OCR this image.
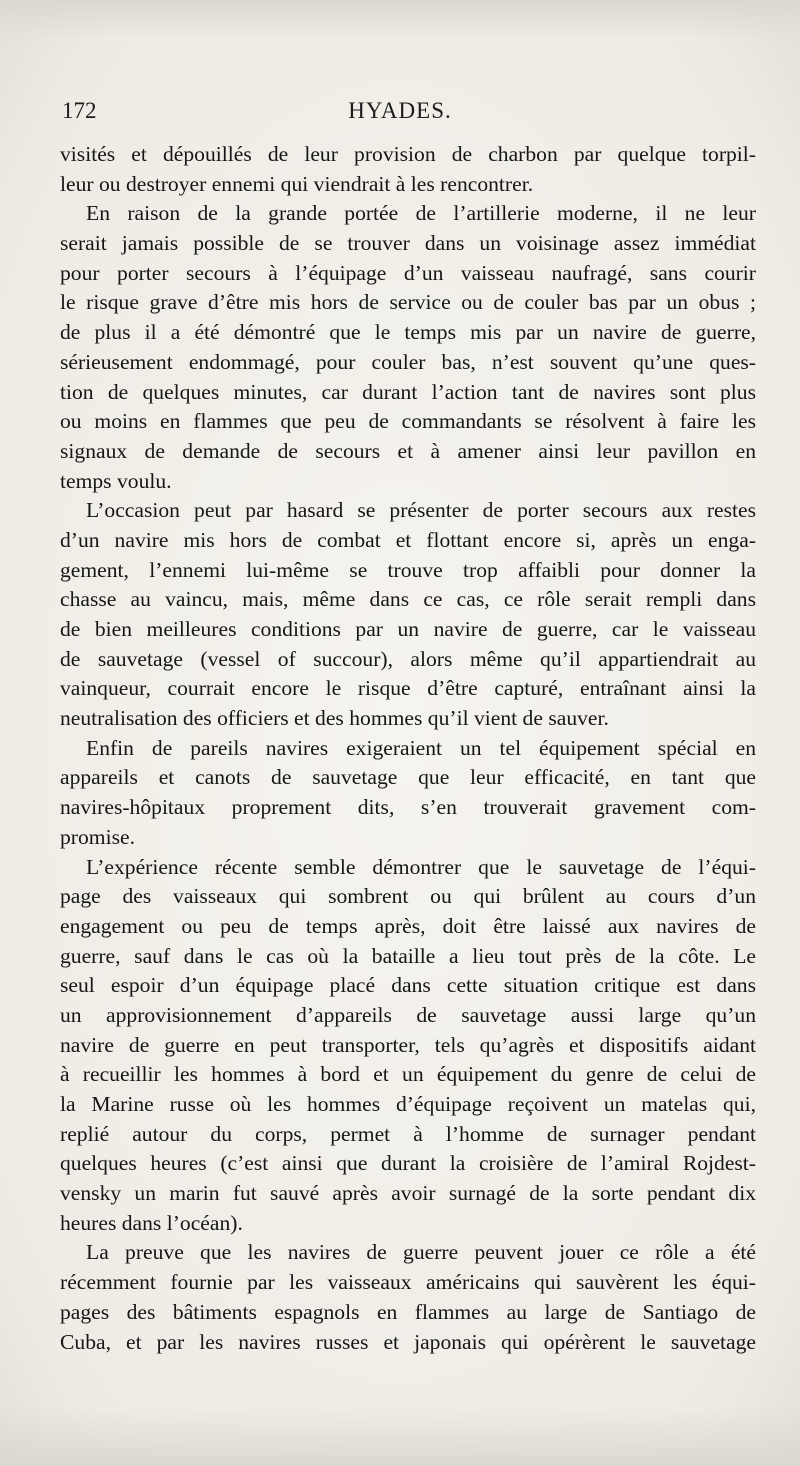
172	HYADES.
visités et dépouillés de leur provision de charbon par quelque torpil-
leur ou destroyer ennemi qui viendrait à les rencontrer.
En raison de la grande portée de l’artillerie moderne, il ne leur
serait jamais possible de se trouver dans un voisinage assez immédiat
pour porter secours à l’équipage d’un vaisseau naufragé, sans courir
le risque grave d’être mis hors de service ou de couler bas par un obus ;
de plus il a été démontré que le temps mis par un navire de guerre,
sérieusement endommagé, pour couler bas, n’est souvent qu’une ques-
tion de quelques minutes, car durant l’action tant de navires sont plus
ou moins en flammes que peu de commandants se résolvent à faire les
signaux de demande de secours et à amener ainsi leur pavillon en
temps voulu.
L’occasion peut par hasard se présenter de porter secours aux restes
d’un navire mis hors de combat et flottant encore si, après un enga-
gement, l’ennemi lui-même se trouve trop affaibli pour donner la
chasse au vaincu, mais, même dans ce cas, ce rôle serait rempli dans
de bien meilleures conditions par un navire de guerre, car le vaisseau
de sauvetage (vessel of succour), alors même qu’il appartiendrait au
vainqueur, courrait encore le risque d’être capturé, entraînant ainsi la
neutralisation des officiers et des hommes qu’il vient de sauver.
Enfin de pareils navires exigeraient un tel équipement spécial en
appareils et canots de sauvetage que leur efficacité, en tant que
navires-hôpitaux proprement dits, s’en trouverait gravement com-
promise.
L’expérience récente semble démontrer que le sauvetage de l’équi-
page des vaisseaux qui sombrent ou qui brûlent au cours d’un
engagement ou peu de temps après, doit être laissé aux navires de
guerre, sauf dans le cas où la bataille a lieu tout près de la côte. Le
seul espoir d’un équipage placé dans cette situation critique est dans
un approvisionnement d’appareils de sauvetage aussi large qu’un
navire de guerre en peut transporter, tels qu’agrès et dispositifs aidant
à recueillir les hommes à bord et un équipement du genre de celui de
la Marine russe où les hommes d’équipage reçoivent un matelas qui,
replié autour du corps, permet à l’homme de surnager pendant
quelques heures (c’est ainsi que durant la croisière de l’amiral Rojdest-
vensky un marin fut sauvé après avoir surnagé de la sorte pendant dix
heures dans l’océan).
La preuve que les navires de guerre peuvent jouer ce rôle a été
récemment fournie par les vaisseaux américains qui sauvèrent les équi-
pages des bâtiments espagnols en flammes au large de Santiago de
Cuba, et par les navires russes et japonais qui opérèrent le sauvetage
